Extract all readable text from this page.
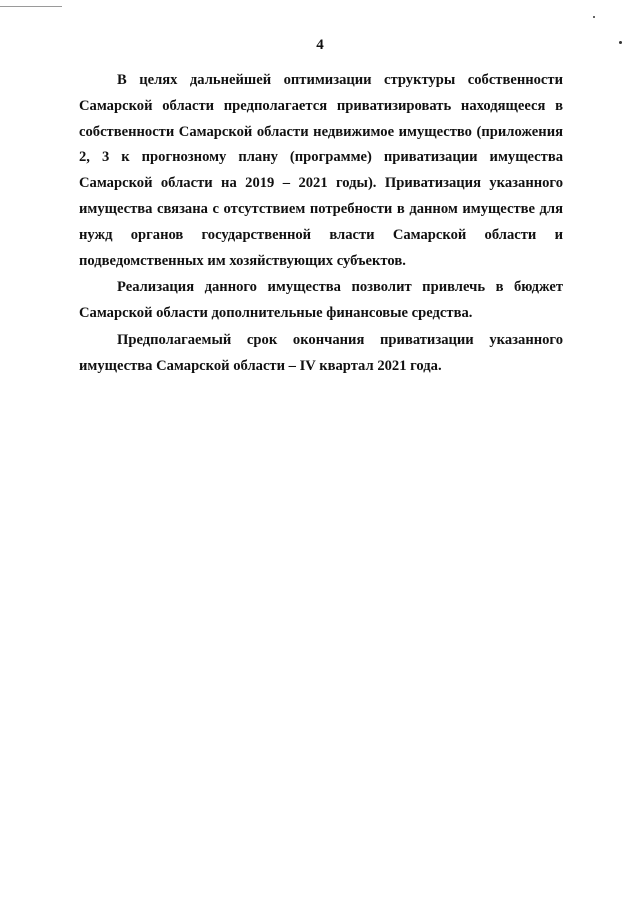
4

В целях дальнейшей оптимизации структуры собственности Самарской области предполагается приватизировать находящееся в собственности Самарской области недвижимое имущество (приложения 2, 3 к прогнозному плану (программе) приватизации имущества Самарской области на 2019 – 2021 годы). Приватизация указанного имущества связана с отсутствием потребности в данном имуществе для нужд органов государственной власти Самарской области и подведомственных им хозяйствующих субъектов.

Реализация данного имущества позволит привлечь в бюджет Самарской области дополнительные финансовые средства.

Предполагаемый срок окончания приватизации указанного имущества Самарской области – IV квартал 2021 года.
